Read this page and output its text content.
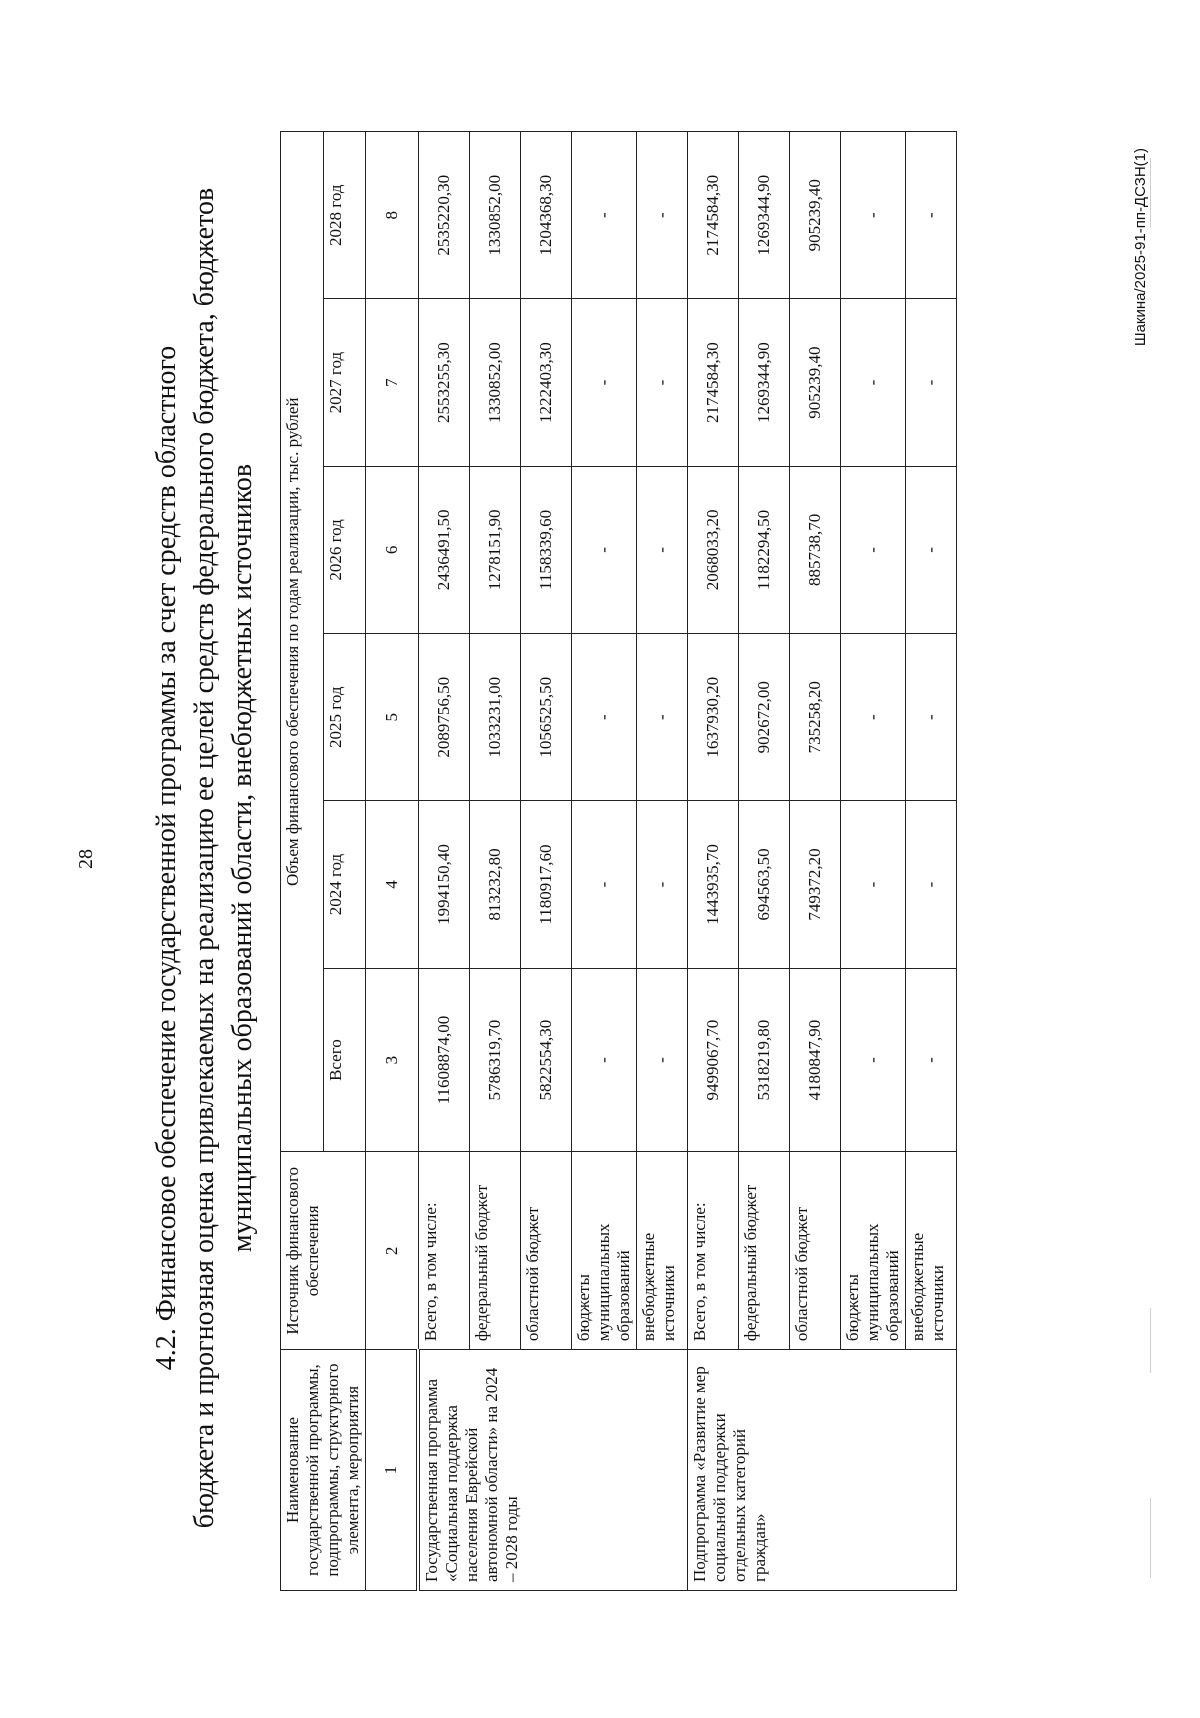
28 4.2. Финансовое обеспечение государственной программы за счет средств областного бюджета и прогнозная оценка привлекаемых на реализацию ее целей средств федерального бюджета, бюджетов муниципальных образований области, внебюджетных источников
Наименование государственной программы, подпрограммы, структурного элемента, мероприятия	Источник финансового обеспечения	Объем финансового обеспечения по годам реализации, тыс. рублей					
		Всего	2024 год	2025 год	2026 год	2027 год	2028 год
1	2	3	4	5	6	7	8
Государственная программа «Социальная поддержка населения Еврейской автономной области» на 2024 – 2028 годы	Всего, в том числе:	11608874,00	1994150,40	2089756,50	2436491,50	2553255,30	2535220,30
	федеральный бюджет	5786319,70	813232,80	1033231,00	1278151,90	1330852,00	1330852,00
	областной бюджет	5822554,30	1180917,60	1056525,50	1158339,60	1222403,30	1204368,30
	бюджеты муниципальных образований	-	-	-	-	-	-
	внебюджетные источники	-	-	-	-	-	-
Подпрограмма «Развитие мер социальной поддержки отдельных категорий граждан»	Всего, в том числе:	9499067,70	1443935,70	1637930,20	2068033,20	2174584,30	2174584,30
	федеральный бюджет	5318219,80	694563,50	902672,00	1182294,50	1269344,90	1269344,90
	областной бюджет	4180847,90	749372,20	735258,20	885738,70	905239,40	905239,40
	бюджеты муниципальных образований	-	-	-	-	-	-
	внебюджетные источники	-	-	-	-	-	-	Шакина/2025-91-пп-ДСЗН(1)
